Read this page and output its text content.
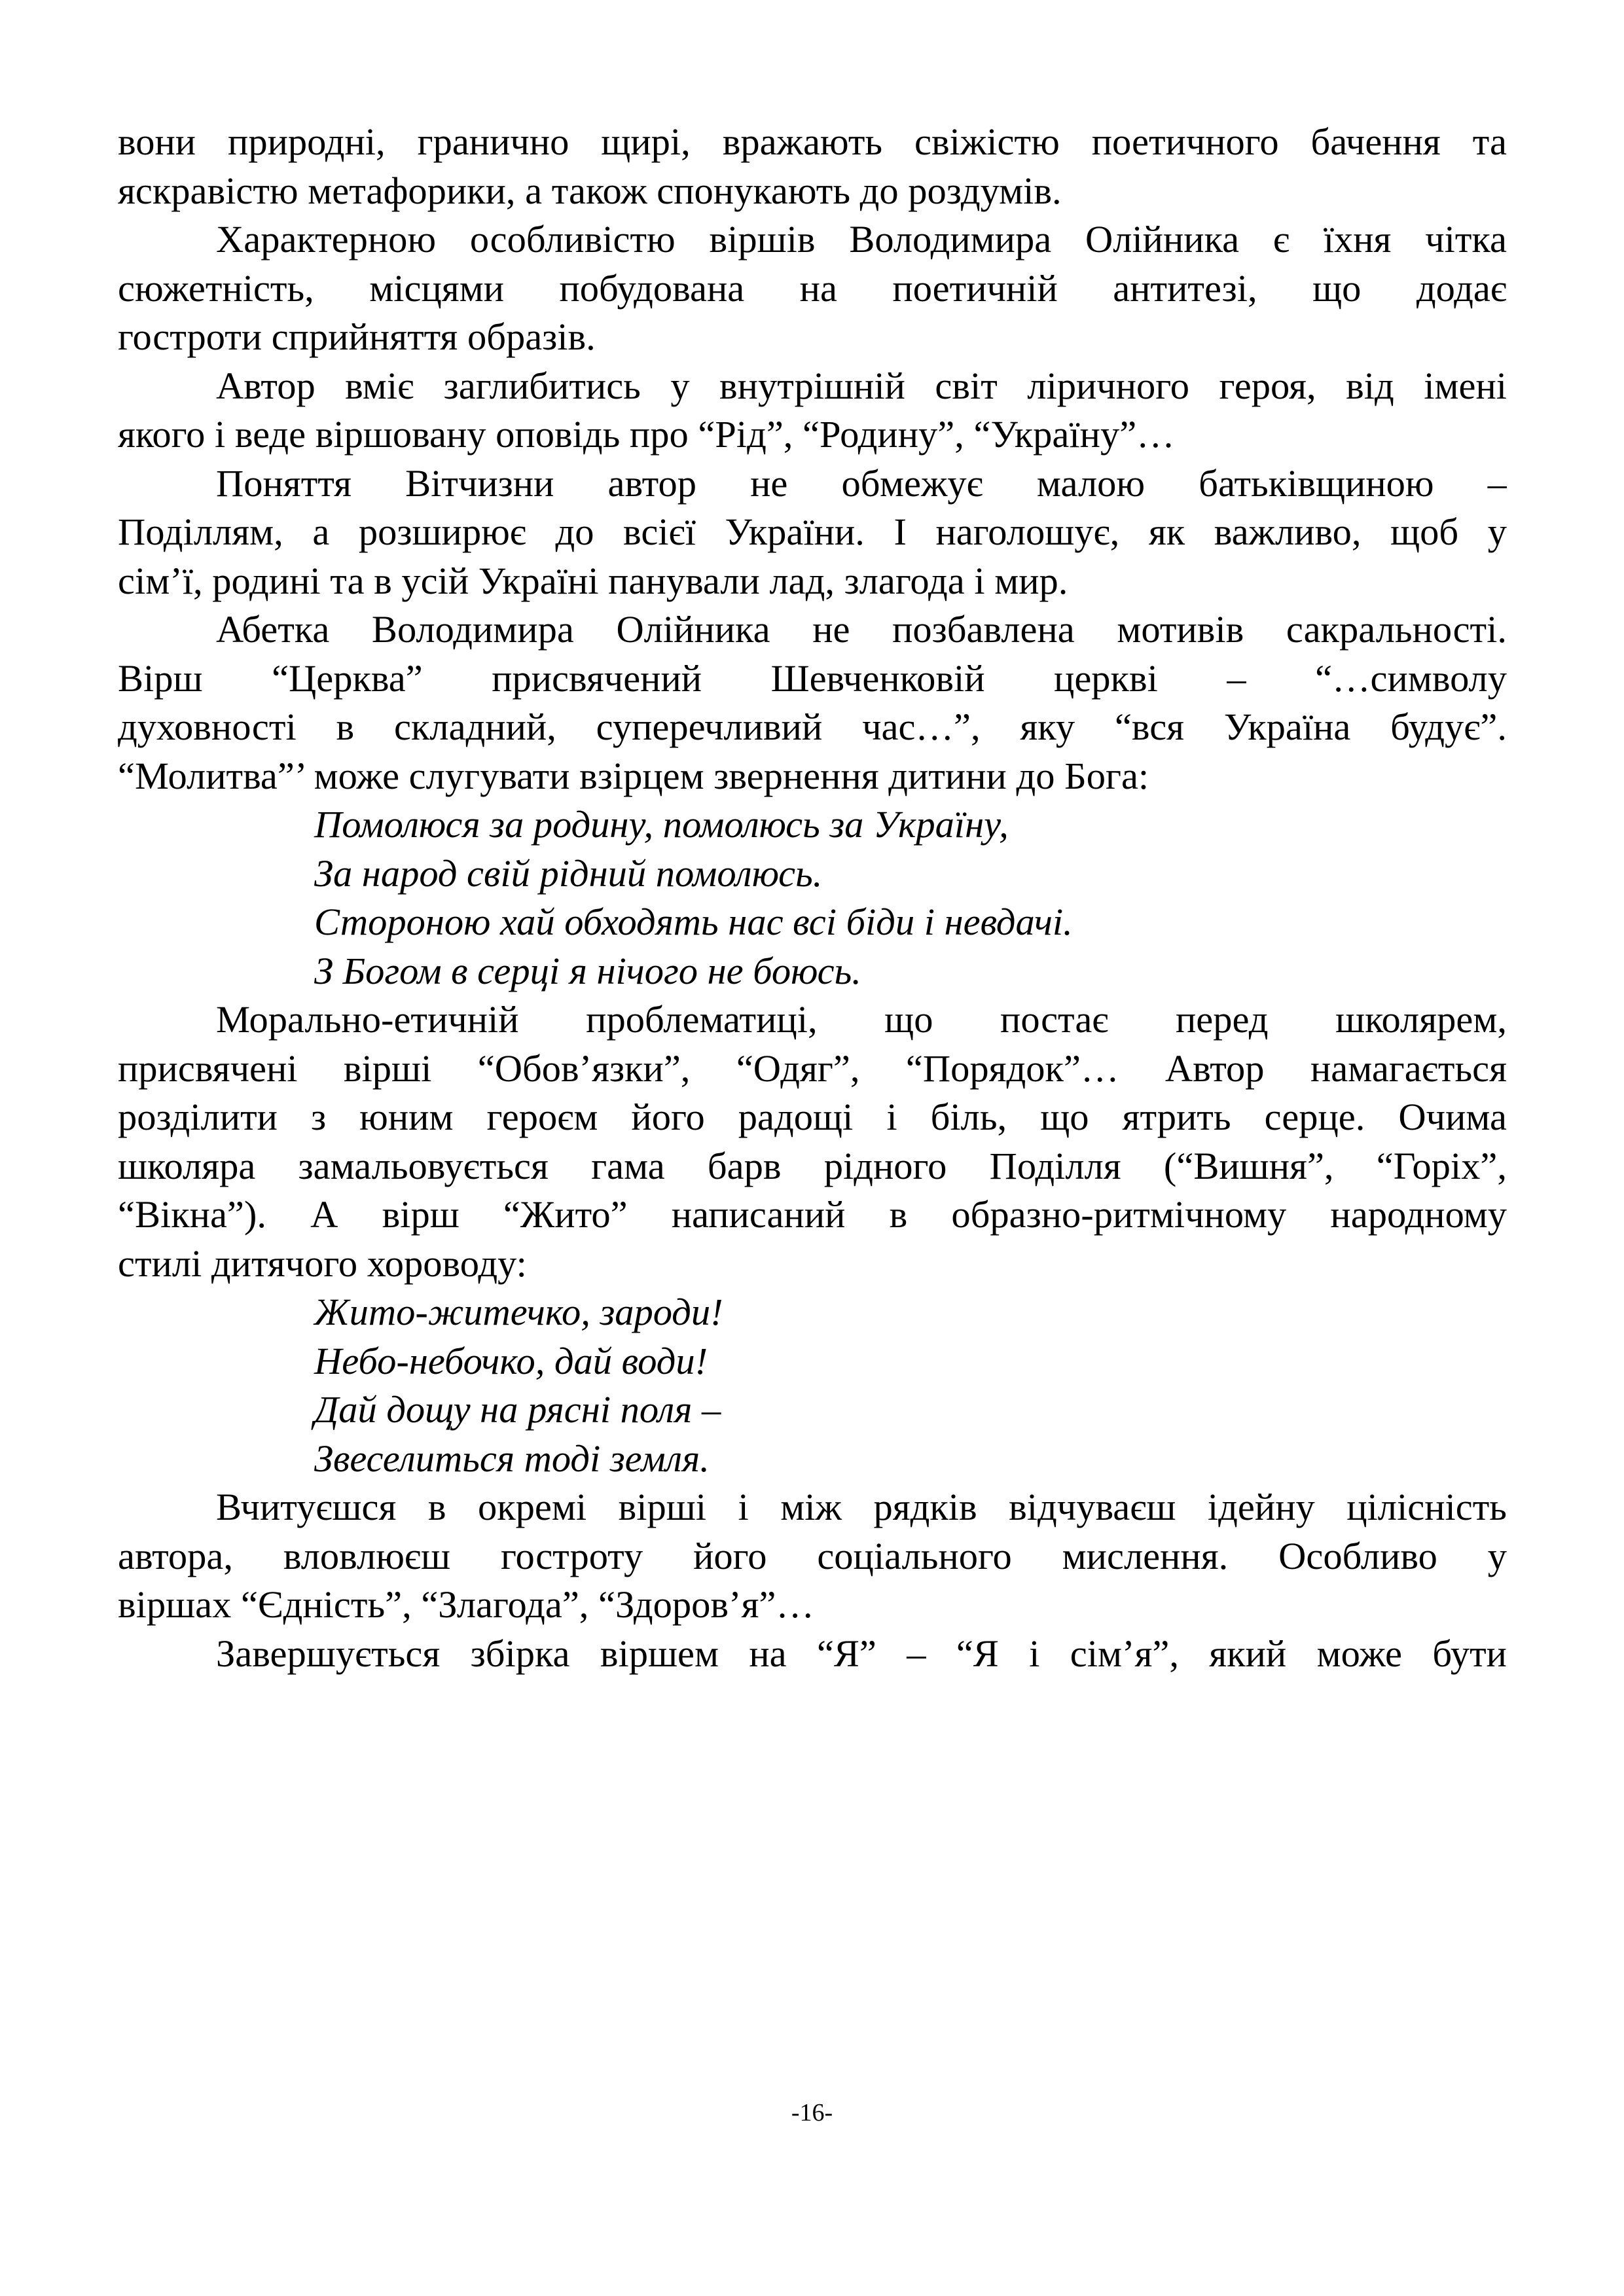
вони природні, гранично щирі, вражають свіжістю поетичного бачення та
яскравістю метафорики, а також спонукають до роздумів.
Характерною особливістю віршів Володимира Олійника є їхня чітка
сюжетність, місцями побудована на поетичній антитезі, що додає
гостроти сприйняття образів.
Автор вміє заглибитись у внутрішній світ ліричного героя, від імені
якого і веде віршовану оповідь про “Рід”, “Родину”, “Україну”…
Поняття Вітчизни автор не обмежує малою батьківщиною –
Поділлям, а розширює до всієї України. І наголошує, як важливо, щоб у
сім’ї, родині та в усій Україні панували лад, злагода і мир.
Абетка Володимира Олійника не позбавлена мотивів сакральності.
Вірш “Церква” присвячений Шевченковій церкві – “…символу
духовності в складний, суперечливий час…”, яку “вся Україна будує”.
“Молитва”’ може слугувати взірцем звернення дитини до Бога:
Помолюся за родину, помолюсь за Україну,
За народ свій рідний помолюсь.
Стороною хай обходять нас всі біди і невдачі.
З Богом в серці я нічого не боюсь.
Морально-етичній проблематиці, що постає перед школярем,
присвячені вірші “Обов’язки”, “Одяг”, “Порядок”… Автор намагається
розділити з юним героєм його радощі і біль, що ятрить серце. Очима
школяра замальовується гама барв рідного Поділля (“Вишня”, “Горіх”,
“Вікна”). А вірш “Жито” написаний в образно-ритмічному народному
стилі дитячого хороводу:
Жито-житечко, зароди!
Небо-небочко, дай води!
Дай дощу на рясні поля –
Звеселиться тоді земля.
Вчитуєшся в окремі вірші і між рядків відчуваєш ідейну цілісність
автора, вловлюєш гостроту його соціального мислення. Особливо у
віршах “Єдність”, “Злагода”, “Здоров’я”…
Завершується збірка віршем на “Я” – “Я і сім’я”, який може бути
-16-
